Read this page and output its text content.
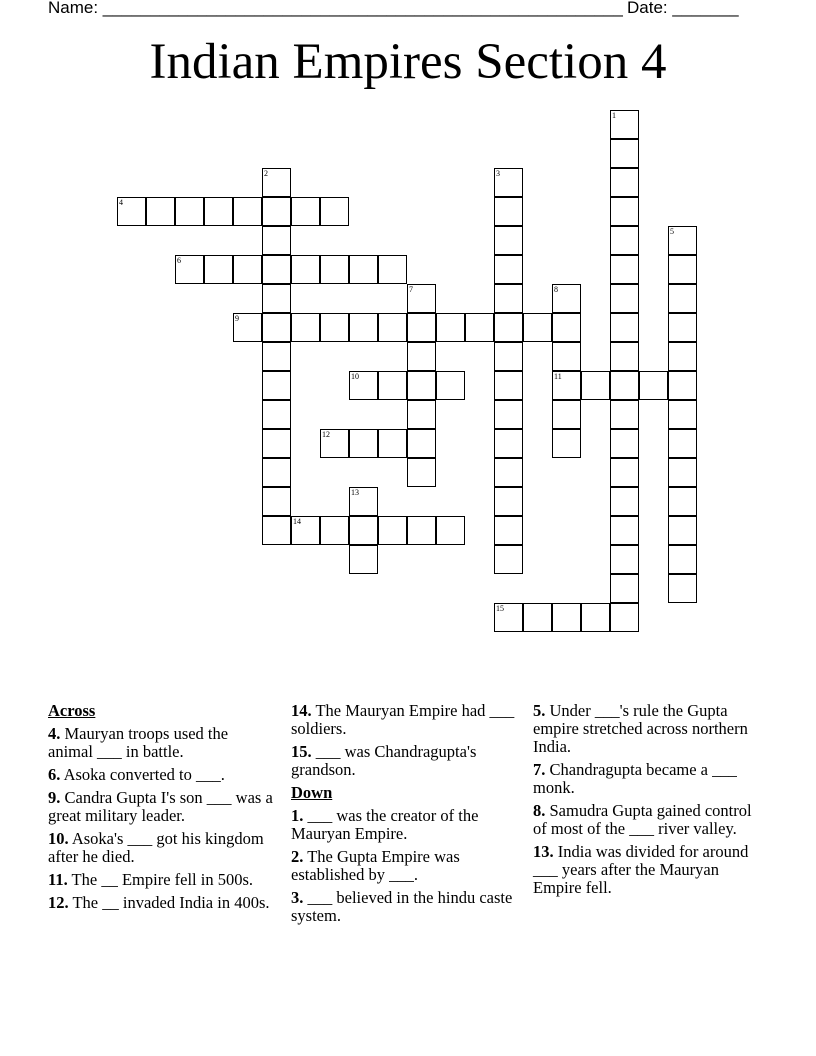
Name: _______________________________________________________ Date: _______
Indian Empires Section 4
4
6
9
10	11
12
14
15
1
2	3
5
7	8
13
Across
4. Mauryan troops used the animal ___ in battle.
6. Asoka converted to ___.
9. Candra Gupta I's son ___ was a great military leader.
10. Asoka's ___ got his kingdom after he died.
11. The __ Empire fell in 500s.
12. The __ invaded India in 400s.
14. The Mauryan Empire had ___ soldiers.
15. ___ was Chandragupta's grandson.
Down
1. ___ was the creator of the Mauryan Empire.
2. The Gupta Empire was established by ___.
3. ___ believed in the hindu caste system.
5. Under ___'s rule the Gupta empire stretched across northern India.
7. Chandragupta became a ___ monk.
8. Samudra Gupta gained control of most of the ___ river valley.
13. India was divided for around ___ years after the Mauryan Empire fell.
